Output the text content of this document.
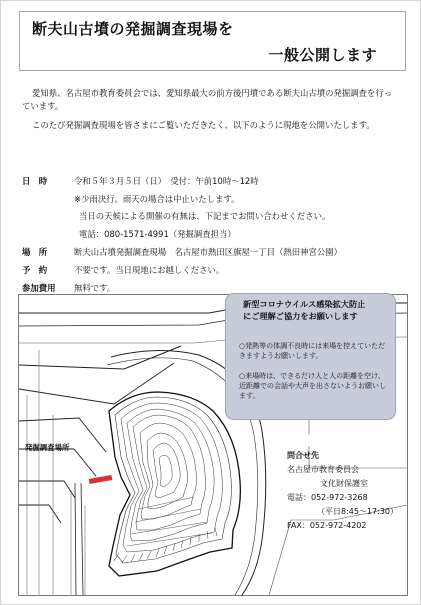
断夫山古墳の発掘調査現場を
一般公開します
愛知県、名古屋市教育委員会では、愛知県最大の前方後円墳である断夫山古墳の発掘調査を行っています。
このたび発掘調査現場を皆さまにご覧いただきたく、以下のように現地を公開いたします。
日　時	令和５年３月５日（日）　受付：午前10時～12時
※少雨決行。雨天の場合は中止いたします。
当日の天候による開催の有無は、下記までお問い合わせください。
電話：080-1571-4991（発掘調査担当）
場　所	断夫山古墳発掘調査現場　名古屋市熱田区旗屋一丁目（熱田神宮公園）
予　約	不要です。当日現地にお越しください。
参加費用 無料です。
発掘調査場所
新型コロナウイルス感染拡大防止
にご理解ご協力をお願いします
○発熱等の体調不良時には来場を控えていただきますようお願いします。
○来場時は、できるだけ人と人の距離を空け、近距離での会話や大声を出さないようお願いします。
問合せ先
名古屋市教育委員会
文化財保護室
電話：052-972-3268
（平日8:45～17:30）
FAX：052-972-4202
